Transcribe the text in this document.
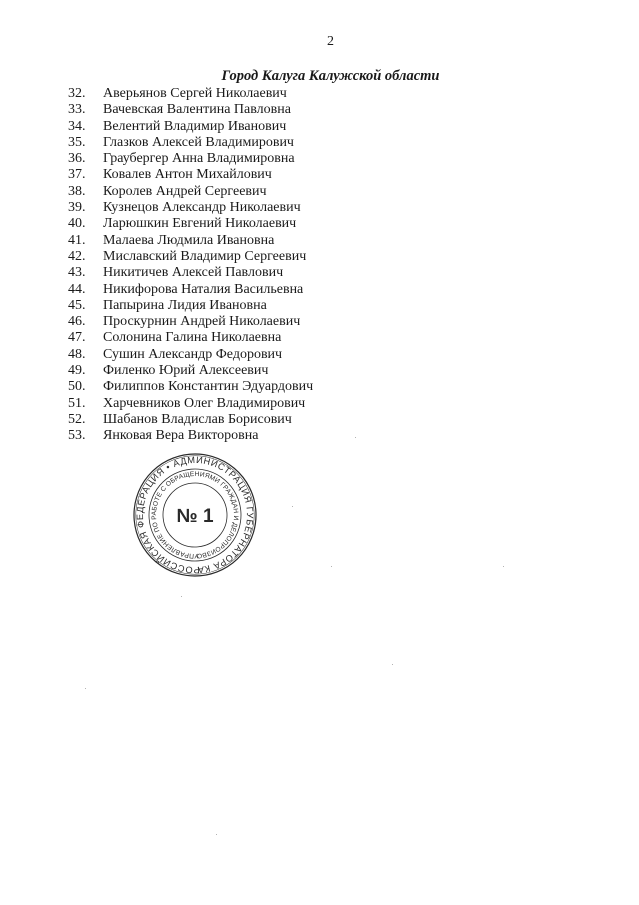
2
Город Калуга Калужской области
32.	Аверьянов Сергей Николаевич
33.	Вачевская Валентина Павловна
34.	Велентий Владимир Иванович
35.	Глазков Алексей Владимирович
36.	Граубергер Анна Владимировна
37.	Ковалев Антон Михайлович
38.	Королев Андрей Сергеевич
39.	Кузнецов Александр Николаевич
40.	Ларюшкин Евгений Николаевич
41.	Малаева Людмила Ивановна
42.	Миславский Владимир Сергеевич
43.	Никитичев Алексей Павлович
44.	Никифорова Наталия Васильевна
45.	Папырина Лидия Ивановна
46.	Проскурнин Андрей Николаевич
47.	Солонина Галина Николаевна
48.	Сушин Александр Федорович
49.	Филенко Юрий Алексеевич
50.	Филиппов Константин Эдуардович
51.	Харчевников Олег Владимирович
52.	Шабанов Владислав Борисович
53.	Янковая Вера Викторовна
РОССИЙСКАЯ ФЕДЕРАЦИЯ • АДМИНИСТРАЦИЯ ГУБЕРНАТОРА КАЛУЖСКОЙ
УПРАВЛЕНИЕ ПО РАБОТЕ С ОБРАЩЕНИЯМИ ГРАЖДАН И ДЕЛОПРОИЗВОДСТВУ
№ 1
